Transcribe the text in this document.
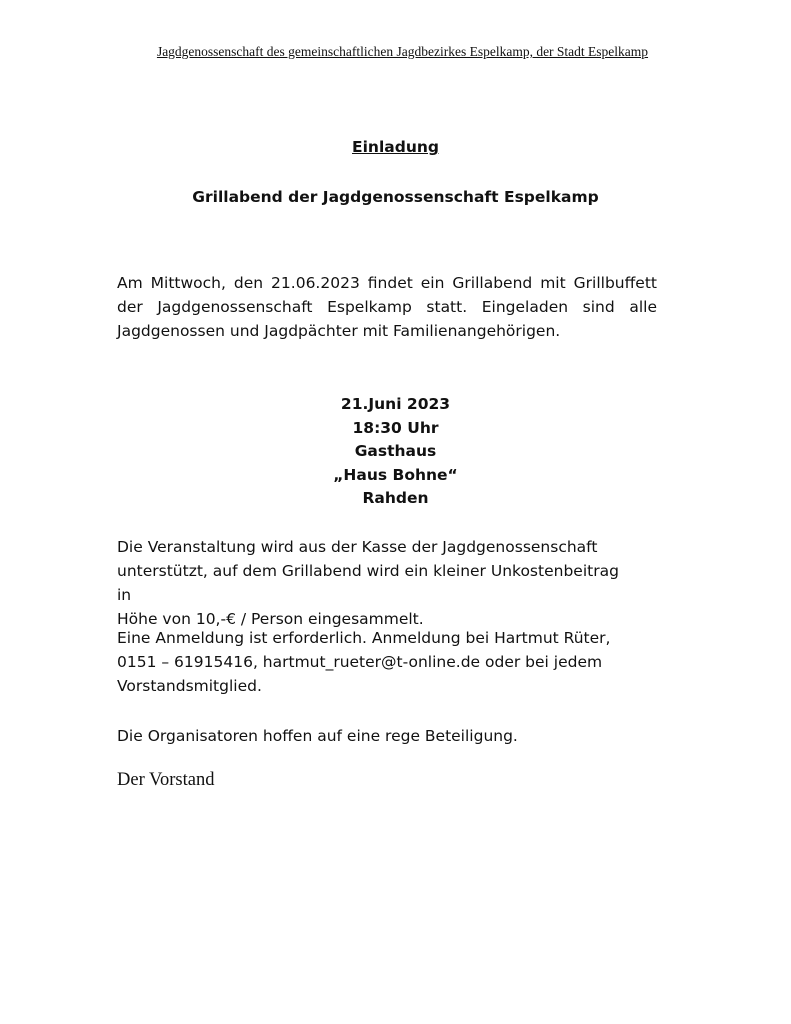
Jagdgenossenschaft des gemeinschaftlichen Jagdbezirkes Espelkamp, der Stadt Espelkamp
Einladung
Grillabend der Jagdgenossenschaft Espelkamp
Am Mittwoch, den 21.06.2023 findet ein Grillabend mit Grillbuffett
der Jagdgenossenschaft Espelkamp statt. Eingeladen sind alle
Jagdgenossen und Jagdpächter mit Familienangehörigen.
21.Juni 2023
18:30 Uhr
Gasthaus
„Haus Bohne“
Rahden
Die Veranstaltung wird aus der Kasse der Jagdgenossenschaft
unterstützt, auf dem Grillabend wird ein kleiner Unkostenbeitrag in
Höhe von 10,-€ / Person eingesammelt.
Eine Anmeldung ist erforderlich. Anmeldung bei Hartmut Rüter,
0151 – 61915416, hartmut_rueter@t-online.de oder bei jedem
Vorstandsmitglied.
Die Organisatoren hoffen auf eine rege Beteiligung.
Der Vorstand
